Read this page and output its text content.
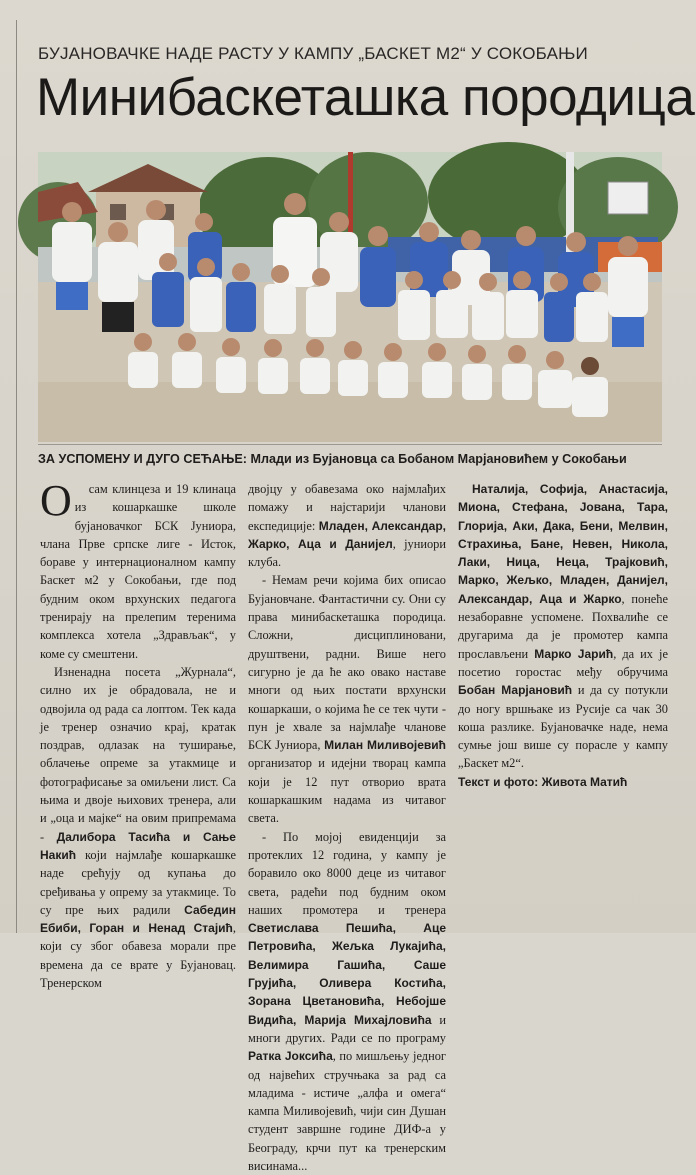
БУЈАНОВАЧКЕ НАДЕ РАСТУ У КАМПУ „БАСКЕТ М2“ У СОКОБАЊИ
Минибаскеташка породица
ЗА УСПОМЕНУ И ДУГО СЕЋАЊЕ: Млади из Бујановца са Бобаном Марјановићем у Сокобањи

О сам клинцеза и 19 клинаца из кошаркашке школе бујановачког БСК Јуниора, члана Прве српске лиге - Исток, бораве у интернационалном кампу Баскет м2 у Сокобањи, где под будним оком врхунских педагога тренирају на прелепим теренима комплекса хотела „Здрављак“, у коме су смештени.

Изненадна посета „Журнала“, силно их је обрадовала, не и одвојила од рада са лоптом. Тек када је тренер означио крај, кратак поздрав, одлазак на туширање, облачење опреме за утакмице и фотографисање за омиљени лист. Са њима и двоје њихових тренера, али и „оца и мајке“ на овим припремама - Далибора Тасића и Сање Накић који најмлађе кошаркашке наде срећују од купања до сређивања у опрему за утакмице. То су пре њих радили Сабедин Ебиби, Горан и Ненад Стајић, који су због обавеза морали пре времена да се врате у Бујановац. Тренерском

двојцу у обавезама око најмлађих помажу и најстарији чланови експедиције: Младен, Александар, Жарко, Аца и Данијел, јуниори клуба.

- Немам речи којима бих описао Бујановчане. Фантастични су. Они су права минибаскеташка породица. Сложни, дисциплиновани, друштвени, радни. Више него сигурно је да ће ако овако наставе многи од њих постати врхунски кошаркаши, о којима ће се тек чути - пун је хвале за најмлађе чланове БСК Јуниора, Милан Миливојевић организатор и идејни творац кампа који је 12 пут отворио врата кошаркашким надама из читавог света.

- По мојој евиденцији за протеклих 12 година, у кампу је боравило око 8000 деце из читавог света, радећи под будним оком наших промотера и тренера Светислава Пешића, Аце Петровића, Жељка Лукајића, Велимира Гашића, Саше Грујића, Оливера Костића, Зорана Цветановића, Небојше Видића, Марија Михајловића и многи других. Ради се по програму Ратка Јоксића, по мишљењу једног од највећих стручњака за рад са младима - истиче „алфа и омега“ кампа Миливојевић, чији син Душан студент завршне године ДИФ-а у Београду, крчи пут ка тренерским висинама...

Наталија, Софија, Анастасија, Миона, Стефана, Јована, Тара, Глорија, Аки, Дака, Бени, Мелвин, Страхиња, Бане, Невен, Никола, Лаки, Ница, Неца, Трајковић, Марко, Жељко, Младен, Данијел, Александар, Аца и Жарко, понеће незаборавне успомене. Похвалиће се другарима да је промотер кампа прослављени Марко Јарић, да их је посетио горостас међу обручима Бобан Марјановић и да су потукли до ногу вршњаке из Русије са чак 30 коша разлике. Бујановачке наде, нема сумње још више су порасле у кампу „Баскет м2“.

Текст и фото: Живота Матић
